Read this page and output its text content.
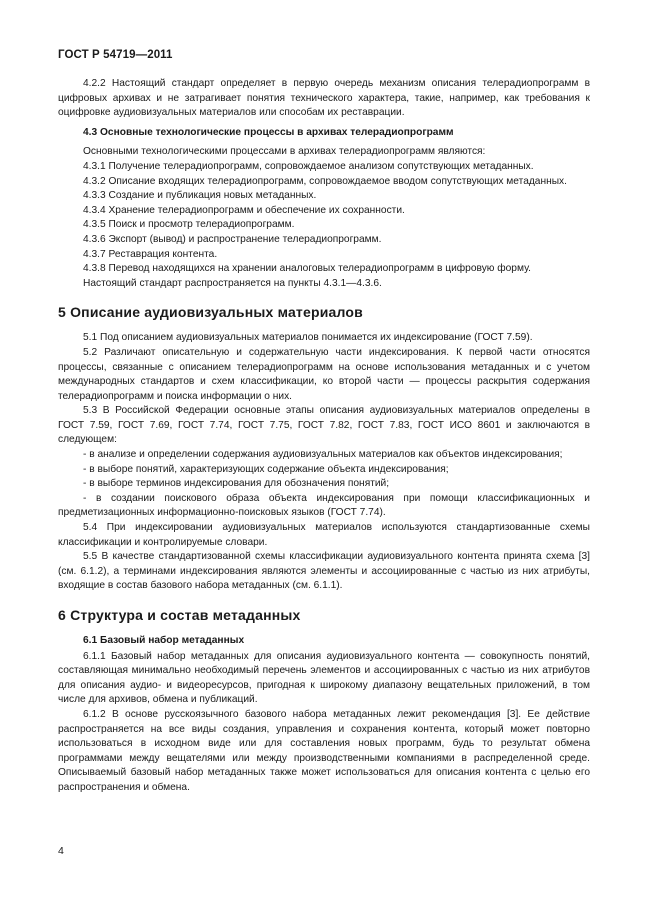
ГОСТ Р 54719—2011

4.2.2 Настоящий стандарт определяет в первую очередь механизм описания телерадиопрограмм в цифровых архивах и не затрагивает понятия технического характера, такие, например, как требования к оцифровке аудиовизуальных материалов или способам их реставрации.

4.3 Основные технологические процессы в архивах телерадиопрограмм

Основными технологическими процессами в архивах телерадиопрограмм являются:

4.3.1 Получение телерадиопрограмм, сопровождаемое анализом сопутствующих метаданных.

4.3.2 Описание входящих телерадиопрограмм, сопровождаемое вводом сопутствующих метаданных.

4.3.3 Создание и публикация новых метаданных.

4.3.4 Хранение телерадиопрограмм и обеспечение их сохранности.

4.3.5 Поиск и просмотр телерадиопрограмм.

4.3.6 Экспорт (вывод) и распространение телерадиопрограмм.

4.3.7 Реставрация контента.

4.3.8 Перевод находящихся на хранении аналоговых телерадиопрограмм в цифровую форму.

Настоящий стандарт распространяется на пункты 4.3.1—4.3.6.

5 Описание аудиовизуальных материалов

5.1 Под описанием аудиовизуальных материалов понимается их индексирование (ГОСТ 7.59).

5.2 Различают описательную и содержательную части индексирования. К первой части относятся процессы, связанные с описанием телерадиопрограмм на основе использования метаданных и с учетом международных стандартов и схем классификации, ко второй части — процессы раскрытия содержания телерадиопрограмм и поиска информации о них.

5.3 В Российской Федерации основные этапы описания аудиовизуальных материалов определены в ГОСТ 7.59, ГОСТ 7.69, ГОСТ 7.74, ГОСТ 7.75, ГОСТ 7.82, ГОСТ 7.83, ГОСТ ИСО 8601 и заключаются в следующем:

- в анализе и определении содержания аудиовизуальных материалов как объектов индексирования;

- в выборе понятий, характеризующих содержание объекта индексирования;

- в выборе терминов индексирования для обозначения понятий;

- в создании поискового образа объекта индексирования при помощи классификационных и предметизационных информационно-поисковых языков (ГОСТ 7.74).

5.4 При индексировании аудиовизуальных материалов используются стандартизованные схемы классификации и контролируемые словари.

5.5 В качестве стандартизованной схемы классификации аудиовизуального контента принята схема [3] (см. 6.1.2), а терминами индексирования являются элементы и ассоциированные с частью из них атрибуты, входящие в состав базового набора метаданных (см. 6.1.1).

6 Структура и состав метаданных
6.1 Базовый набор метаданных

6.1.1 Базовый набор метаданных для описания аудиовизуального контента — совокупность понятий, составляющая минимально необходимый перечень элементов и ассоциированных с частью из них атрибутов для описания аудио- и видеоресурсов, пригодная к широкому диапазону вещательных приложений, в том числе для архивов, обмена и публикаций.

6.1.2 В основе русскоязычного базового набора метаданных лежит рекомендация [3]. Ее действие распространяется на все виды создания, управления и сохранения контента, который может повторно использоваться в исходном виде или для составления новых программ, будь то результат обмена программами между вещателями или между производственными компаниями в распределенной среде. Описываемый базовый набор метаданных также может использоваться для описания контента с целью его распространения и обмена.

4
